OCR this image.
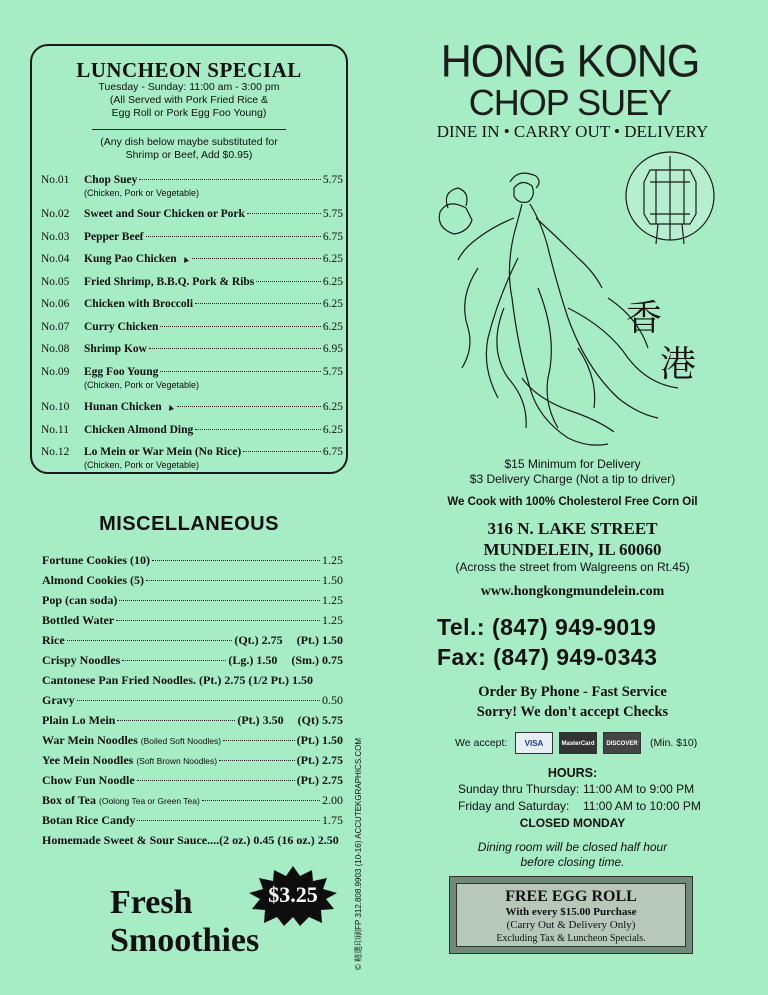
LUNCHEON SPECIAL
Tuesday - Sunday: 11:00 am - 3:00 pm
(All Served with Pork Fried Rice &
Egg Roll or Pork Egg Foo Young)
(Any dish below maybe substituted for
Shrimp or Beef, Add $0.95)
No.01 Chop Suey	5.75
(Chicken, Pork or Vegetable)
No.02 Sweet and Sour Chicken or Pork	5.75
No.03 Pepper Beef	6.75
No.04 Kung Pao Chicken ▲	6.25
No.05 Fried Shrimp, B.B.Q. Pork & Ribs	6.25
No.06 Chicken with Broccoli	6.25
No.07 Curry Chicken	6.25
No.08 Shrimp Kow	6.95
No.09 Egg Foo Young	5.75
(Chicken, Pork or Vegetable)
No.10 Hunan Chicken ▲	6.25
No.11 Chicken Almond Ding	6.25
No.12 Lo Mein or War Mein (No Rice)	6.75
(Chicken, Pork or Vegetable)
MISCELLANEOUS
Fortune Cookies (10)	1.25
Almond Cookies (5)	1.50
Pop (can soda)	1.25
Bottled Water	1.25
Rice	(Qt.) 2.75 (Pt.) 1.50
Crispy Noodles	(Lg.) 1.50 (Sm.) 0.75
Cantonese Pan Fried Noodles . (Pt.) 2.75 (1/2 Pt.) 1.50
Gravy	0.50
Plain Lo Mein	(Pt.) 3.50 (Qt) 5.75
War Mein Noodles (Boiled Soft Noodles)	(Pt.) 1.50
Yee Mein Noodles (Soft Brown Noodles)	(Pt.) 2.75
Chow Fun Noodle	(Pt.) 2.75
Box of Tea (Oolong Tea or Green Tea)	2.00
Botan Rice Candy	1.75
Homemade Sweet & Sour Sauce ....(2 oz.) 0.45 (16 oz.) 2.50 © 精選印刷FP 312.808.9903 (10-16) ACCUTEKGRAPHICS.COM
Fresh
Smoothies
$3.25
HONG KONG
CHOP SUEY
DINE IN • CARRY OUT • DELIVERY
香
港
$15 Minimum for Delivery
$3 Delivery Charge (Not a tip to driver)
We Cook with 100% Cholesterol Free Corn Oil
316 N. LAKE STREET
MUNDELEIN, IL 60060
(Across the street from Walgreens on Rt.45)
www.hongkongmundelein.com
Tel.: (847) 949-9019
Fax: (847) 949-0343
Order By Phone - Fast Service
Sorry! We don't accept Checks
We accept:	VISA	MasterCard	DISCOVER	(Min. $10)
HOURS:
Sunday thru Thursday: 11:00 AM to 9:00 PM
Friday and Saturday: 11:00 AM to 10:00 PM
CLOSED MONDAY
Dining room will be closed half hour
before closing time.
FREE EGG ROLL
With every $15.00 Purchase
(Carry Out & Delivery Only)
Excluding Tax & Luncheon Specials.
